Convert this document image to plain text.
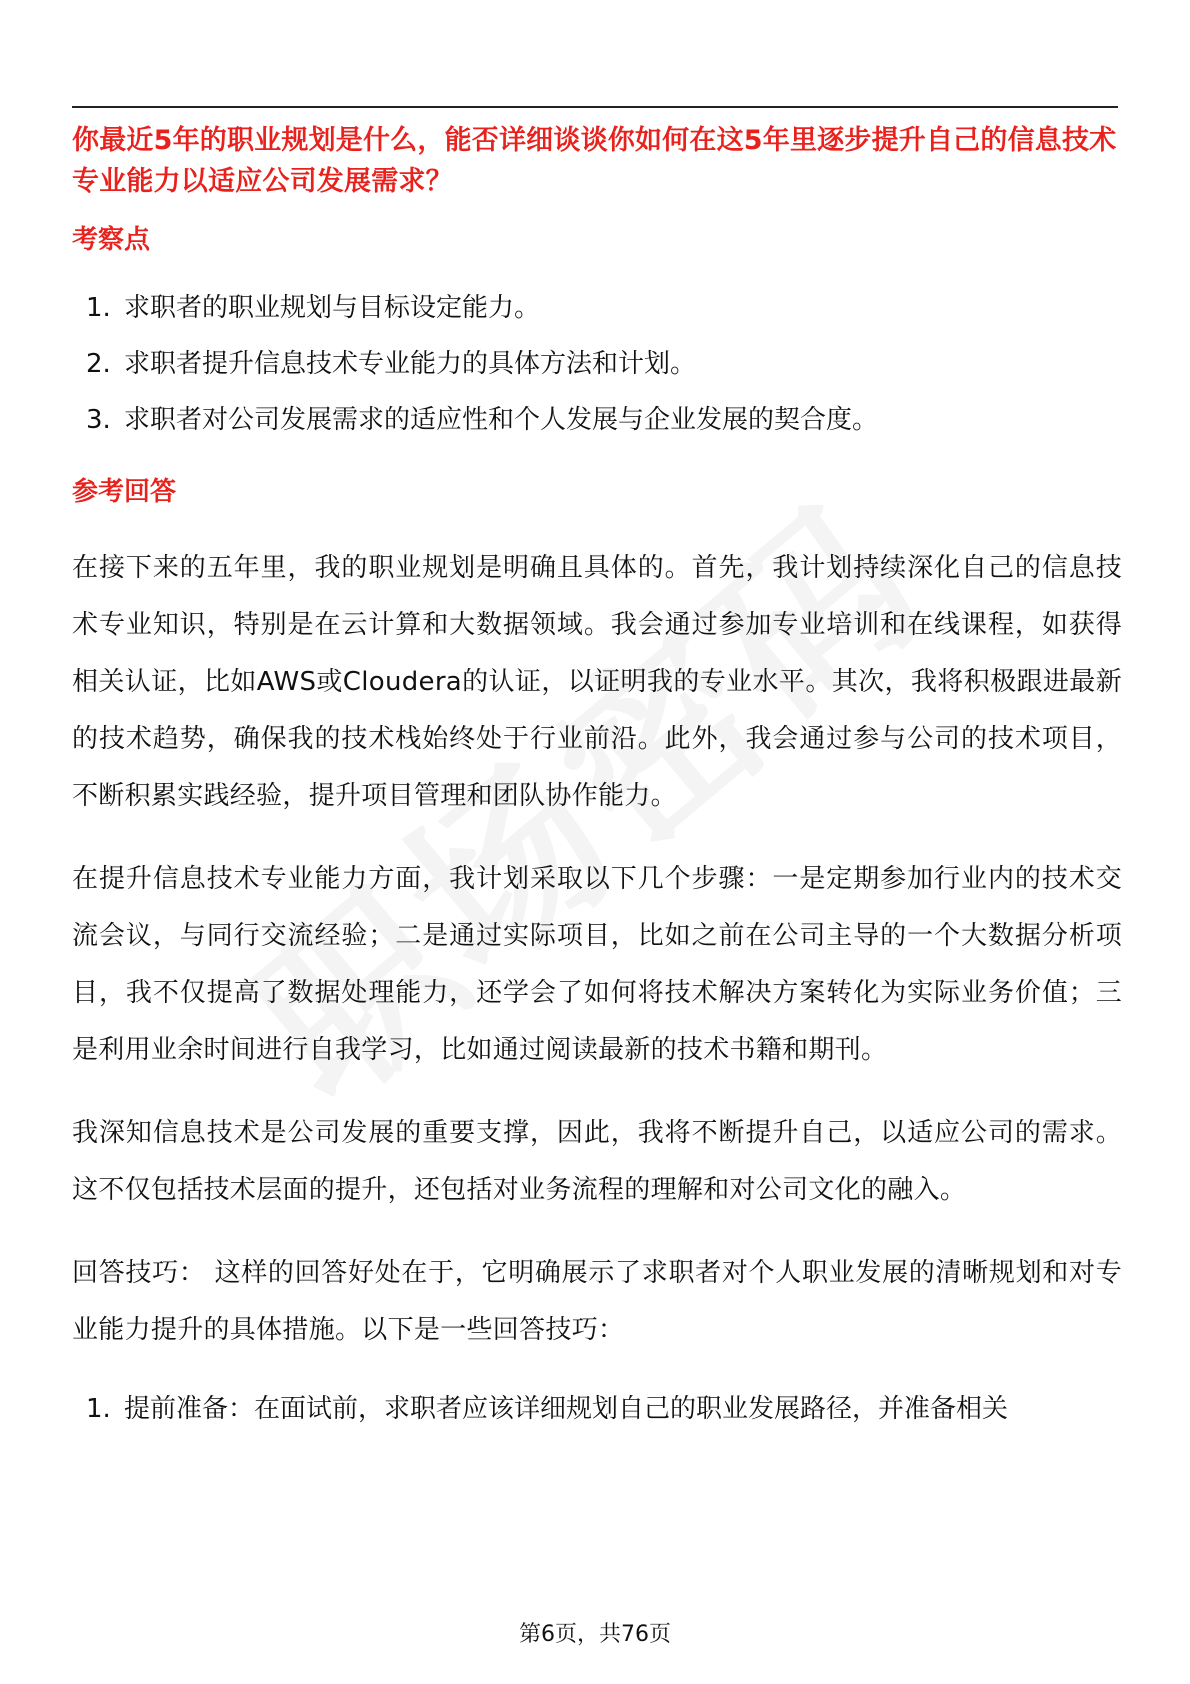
你最近5年的职业规划是什么，能否详细谈谈你如何在这5年里逐步提升自己的信息技术专业能力以适应公司发展需求？
考察点
1. 求职者的职业规划与目标设定能力。
2. 求职者提升信息技术专业能力的具体方法和计划。
3. 求职者对公司发展需求的适应性和个人发展与企业发展的契合度。
参考回答

在接下来的五年里，我的职业规划是明确且具体的。首先，我计划持续深化自己的信息技术专业知识，特别是在云计算和大数据领域。我会通过参加专业培训和在线课程，如获得相关认证，比如AWS或Cloudera的认证，以证明我的专业水平。其次，我将积极跟进最新的技术趋势，确保我的技术栈始终处于行业前沿。此外，我会通过参与公司的技术项目，不断积累实践经验，提升项目管理和团队协作能力。

在提升信息技术专业能力方面，我计划采取以下几个步骤：一是定期参加行业内的技术交流会议，与同行交流经验；二是通过实际项目，比如之前在公司主导的一个大数据分析项目，我不仅提高了数据处理能力，还学会了如何将技术解决方案转化为实际业务价值；三是利用业余时间进行自我学习，比如通过阅读最新的技术书籍和期刊。

我深知信息技术是公司发展的重要支撑，因此，我将不断提升自己，以适应公司的需求。这不仅包括技术层面的提升，还包括对业务流程的理解和对公司文化的融入。

回答技巧： 这样的回答好处在于，它明确展示了求职者对个人职业发展的清晰规划和对专业能力提升的具体措施。以下是一些回答技巧：

1. 提前准备：在面试前，求职者应该详细规划自己的职业发展路径，并准备相关
第6页，共76页
